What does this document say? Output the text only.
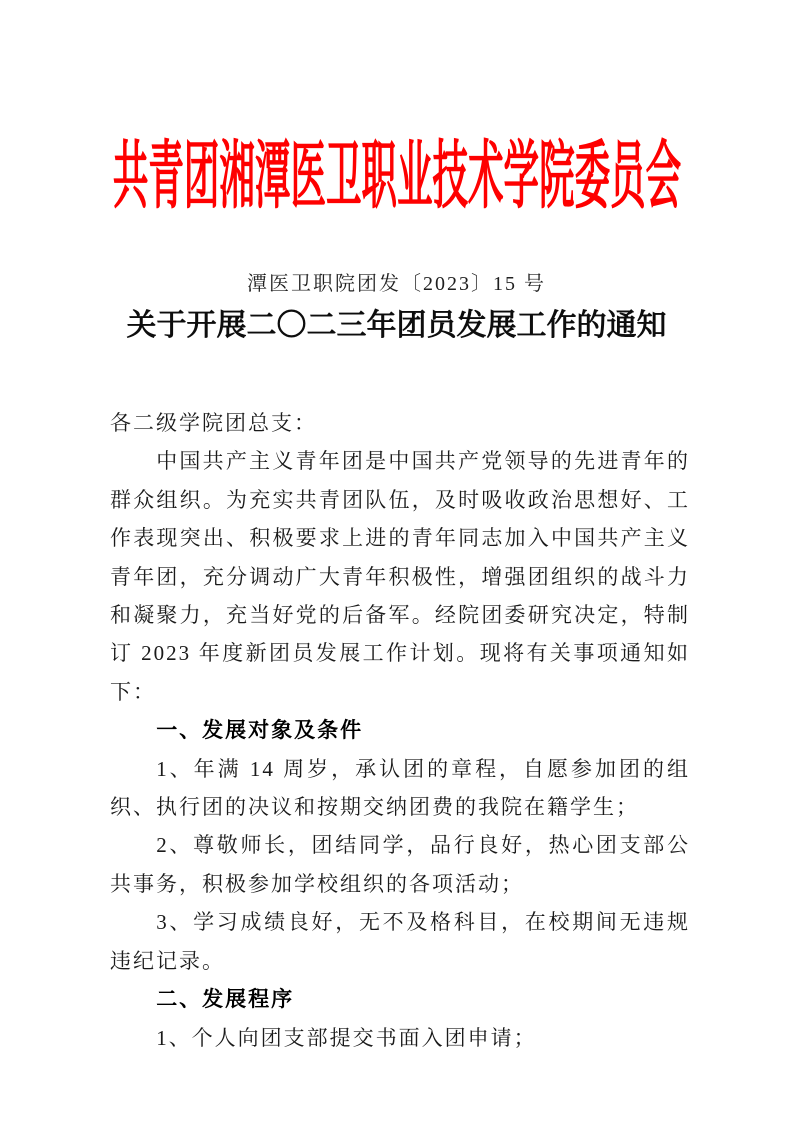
共青团湘潭医卫职业技术学院委员会
潭医卫职院团发〔2023〕15 号
关于开展二〇二三年团员发展工作的通知

各二级学院团总支：

中国共产主义青年团是中国共产党领导的先进青年的群众组织。为充实共青团队伍，及时吸收政治思想好、工作表现突出、积极要求上进的青年同志加入中国共产主义青年团，充分调动广大青年积极性，增强团组织的战斗力和凝聚力，充当好党的后备军。经院团委研究决定，特制订 2023 年度新团员发展工作计划。现将有关事项通知如下：

一、发展对象及条件

1、年满 14 周岁，承认团的章程，自愿参加团的组织、执行团的决议和按期交纳团费的我院在籍学生；

2、尊敬师长，团结同学，品行良好，热心团支部公共事务，积极参加学校组织的各项活动；

3、学习成绩良好，无不及格科目，在校期间无违规违纪记录。

二、发展程序

1、个人向团支部提交书面入团申请；
